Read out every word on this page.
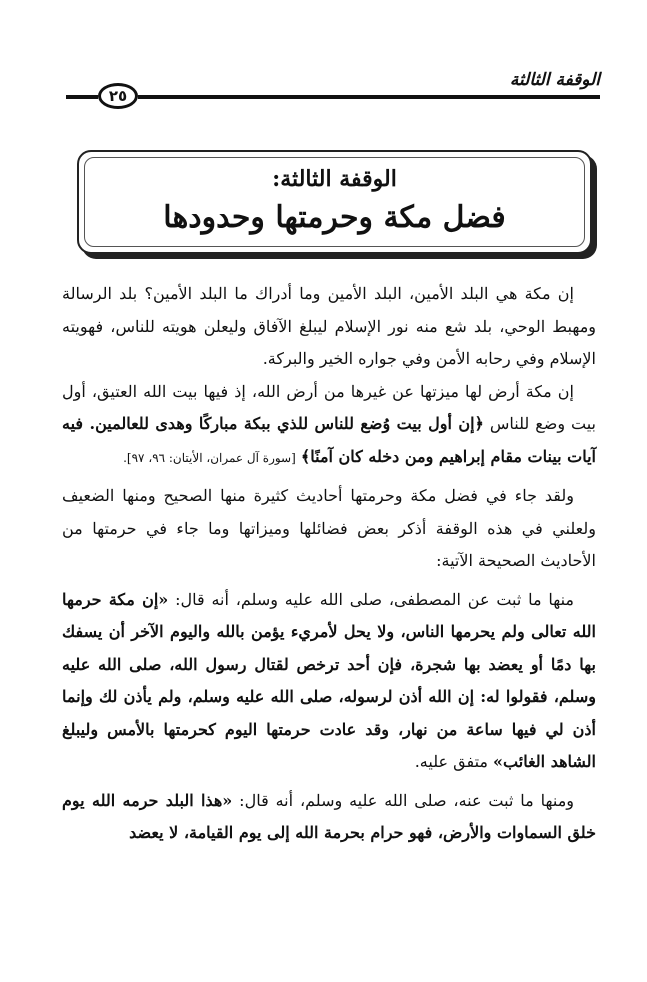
الوقفة الثالثة
٢٥
الوقفة الثالثة:
فضل مكة وحرمتها وحدودها

إن مكة هي البلد الأمين، البلد الأمين وما أدراك ما البلد الأمين؟ بلد الرسالة ومهبط الوحي، بلد شع منه نور الإسلام ليبلغ الآفاق وليعلن هويته للناس، فهويته الإسلام وفي رحابه الأمن وفي جواره الخير والبركة.

إن مكة أرض لها ميزتها عن غيرها من أرض الله، إذ فيها بيت الله العتيق، أول بيت وضع للناس ﴿إن أول بيت وُضع للناس للذي ببكة مباركًا وهدى للعالمين. فيه آيات بينات مقام إبراهيم ومن دخله كان آمنًا﴾ [سورة آل عمران، الأيتان: ٩٦، ٩٧].

ولقد جاء في فضل مكة وحرمتها أحاديث كثيرة منها الصحيح ومنها الضعيف ولعلني في هذه الوقفة أذكر بعض فضائلها وميزاتها وما جاء في حرمتها من الأحاديث الصحيحة الآتية:

منها ما ثبت عن المصطفى، صلى الله عليه وسلم، أنه قال: «إن مكة حرمها الله تعالى ولم يحرمها الناس، ولا يحل لأمريء يؤمن بالله واليوم الآخر أن يسفك بها دمًا أو يعضد بها شجرة، فإن أحد ترخص لقتال رسول الله، صلى الله عليه وسلم، فقولوا له: إن الله أذن لرسوله، صلى الله عليه وسلم، ولم يأذن لك وإنما أذن لي فيها ساعة من نهار، وقد عادت حرمتها اليوم كحرمتها بالأمس وليبلغ الشاهد الغائب» متفق عليه.

ومنها ما ثبت عنه، صلى الله عليه وسلم، أنه قال: «هذا البلد حرمه الله يوم خلق السماوات والأرض، فهو حرام بحرمة الله إلى يوم القيامة، لا يعضد
